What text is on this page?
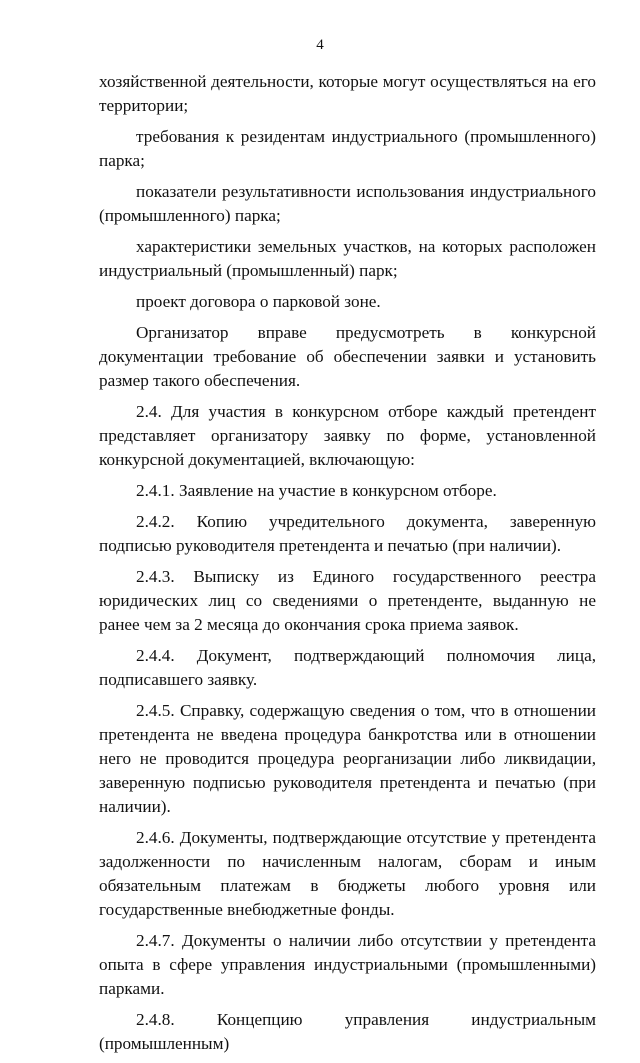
4

хозяйственной деятельности, которые могут осуществляться на его территории;

требования к резидентам индустриального (промышленного) парка;

показатели результативности использования индустриального (промышленного) парка;

характеристики земельных участков, на которых расположен индустриальный (промышленный) парк;

проект договора о парковой зоне.

Организатор вправе предусмотреть в конкурсной документации требование об обеспечении заявки и установить размер такого обеспечения.

2.4. Для участия в конкурсном отборе каждый претендент представляет организатору заявку по форме, установленной конкурсной документацией, включающую:

2.4.1. Заявление на участие в конкурсном отборе.

2.4.2. Копию учредительного документа, заверенную подписью руководителя претендента и печатью (при наличии).

2.4.3. Выписку из Единого государственного реестра юридических лиц со сведениями о претенденте, выданную не ранее чем за 2 месяца до окончания срока приема заявок.

2.4.4. Документ, подтверждающий полномочия лица, подписавшего заявку.

2.4.5. Справку, содержащую сведения о том, что в отношении претендента не введена процедура банкротства или в отношении него не проводится процедура реорганизации либо ликвидации, заверенную подписью руководителя претендента и печатью (при наличии).

2.4.6. Документы, подтверждающие отсутствие у претендента задолженности по начисленным налогам, сборам и иным обязательным платежам в бюджеты любого уровня или государственные внебюджетные фонды.

2.4.7. Документы о наличии либо отсутствии у претендента опыта в сфере управления индустриальными (промышленными) парками.

2.4.8. Концепцию управления индустриальным (промышленным)
